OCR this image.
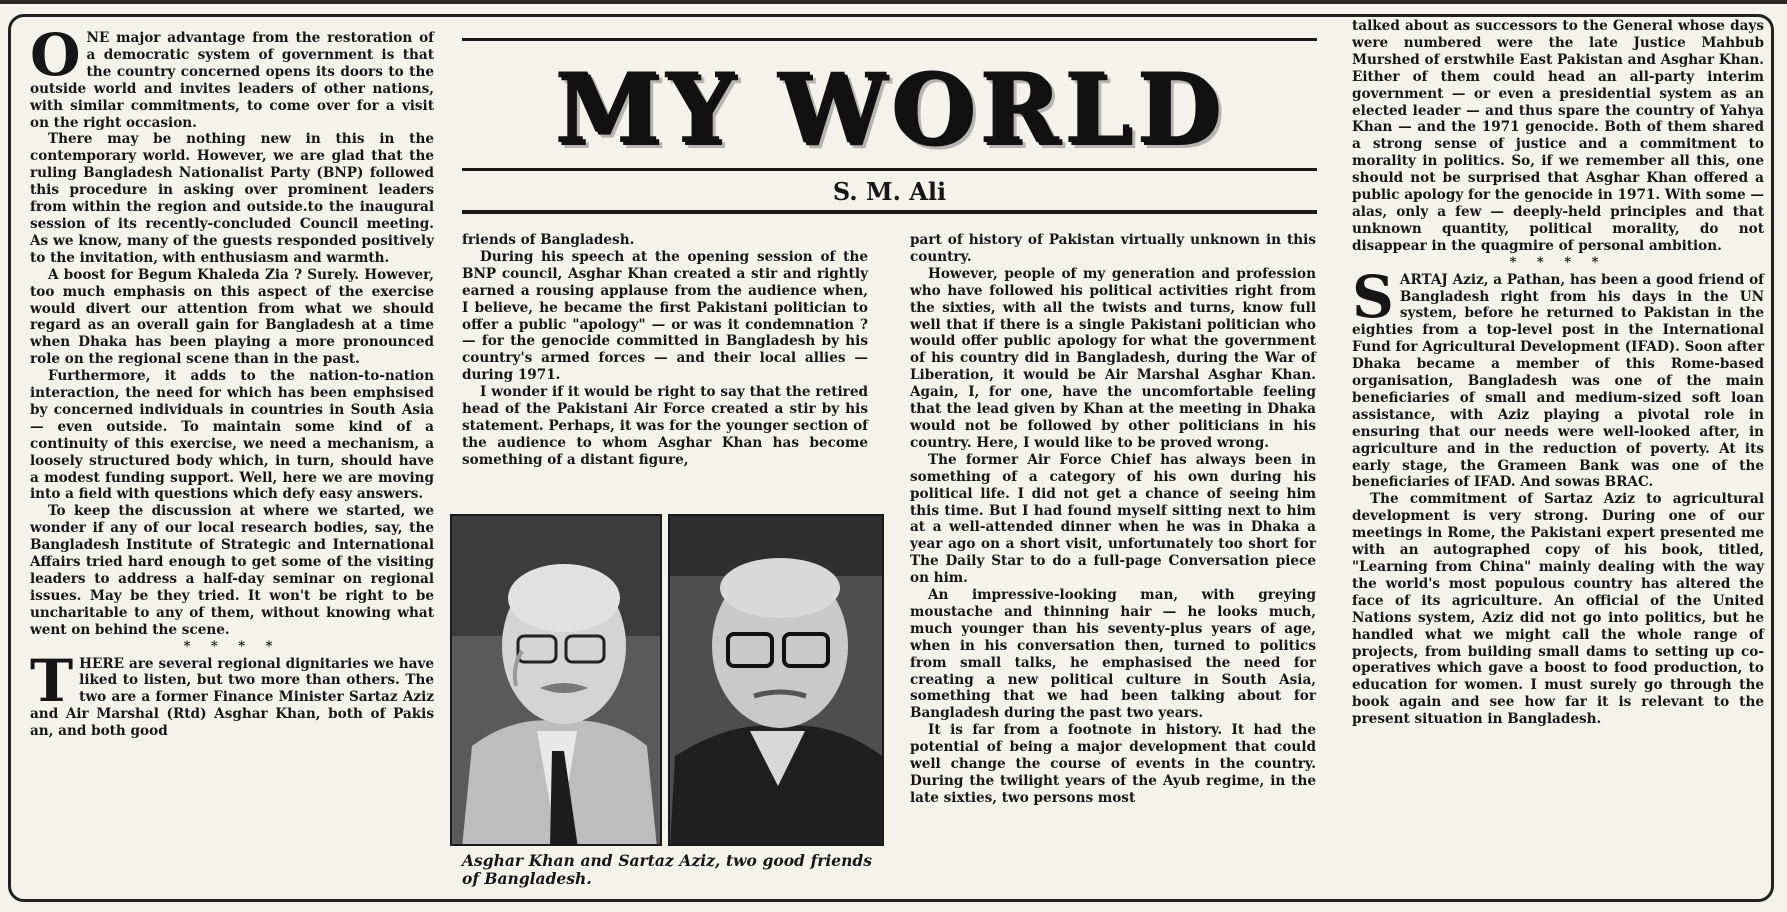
ONE major advantage from the restoration of a democratic system of government is that the country concerned opens its doors to the outside world and invites leaders of other nations, with similar commitments, to come over for a visit on the right occasion.

There may be nothing new in this in the contemporary world. However, we are glad that the ruling Bangladesh Nationalist Party (BNP) followed this procedure in asking over prominent leaders from within the region and outside.to the inaugural session of its recently-concluded Council meeting. As we know, many of the guests responded positively to the invitation, with enthusiasm and warmth.

A boost for Begum Khaleda Zia ? Surely. However, too much emphasis on this aspect of the exercise would divert our attention from what we should regard as an overall gain for Bangladesh at a time when Dhaka has been playing a more pronounced role on the regional scene than in the past.

Furthermore, it adds to the nation-to-nation interaction, the need for which has been emphsised by concerned individuals in countries in South Asia — even outside. To maintain some kind of a continuity of this exercise, we need a mechanism, a loosely structured body which, in turn, should have a modest funding support. Well, here we are moving into a field with questions which defy easy answers.

To keep the discussion at where we started, we wonder if any of our local research bodies, say, the Bangladesh Institute of Strategic and International Affairs tried hard enough to get some of the visiting leaders to address a half-day seminar on regional issues. May be they tried. It won't be right to be uncharitable to any of them, without knowing what went on behind the scene.

* * * *

THERE are several regional dignitaries we have liked to listen, but two more than others. The two are a former Finance Minister Sartaz Aziz and Air Marshal (Rtd) Asghar Khan, both of Pakis an, and both good

MY WORLD
S. M. Ali

friends of Bangladesh.

During his speech at the opening session of the BNP council, Asghar Khan created a stir and rightly earned a rousing applause from the audience when, I believe, he became the first Pakistani politician to offer a public "apology" — or was it condemnation ? — for the genocide committed in Bangladesh by his country's armed forces — and their local allies — during 1971.

I wonder if it would be right to say that the retired head of the Pakistani Air Force created a stir by his statement. Perhaps, it was for the younger section of the audience to whom Asghar Khan has become something of a distant figure,

Asghar Khan and Sartaz Aziz, two good friends of Bangladesh.

part of history of Pakistan virtually unknown in this country.

However, people of my generation and profession who have followed his political activities right from the sixties, with all the twists and turns, know full well that if there is a single Pakistani politician who would offer public apology for what the government of his country did in Bangladesh, during the War of Liberation, it would be Air Marshal Asghar Khan. Again, I, for one, have the uncomfortable feeling that the lead given by Khan at the meeting in Dhaka would not be followed by other politicians in his country. Here, I would like to be proved wrong.

The former Air Force Chief has always been in something of a category of his own during his political life. I did not get a chance of seeing him this time. But I had found myself sitting next to him at a well-attended dinner when he was in Dhaka a year ago on a short visit, unfortunately too short for The Daily Star to do a full-page Conversation piece on him.

An impressive-looking man, with greying moustache and thinning hair — he looks much, much younger than his seventy-plus years of age, when in his conversation then, turned to politics from small talks, he emphasised the need for creating a new political culture in South Asia, something that we had been talking about for Bangladesh during the past two years.

It is far from a footnote in history. It had the potential of being a major development that could well change the course of events in the country. During the twilight years of the Ayub regime, in the late sixties, two persons most

talked about as successors to the General whose days were numbered were the late Justice Mahbub Murshed of erstwhile East Pakistan and Asghar Khan. Either of them could head an all-party interim government — or even a presidential system as an elected leader — and thus spare the country of Yahya Khan — and the 1971 genocide. Both of them shared a strong sense of justice and a commitment to morality in politics. So, if we remember all this, one should not be surprised that Asghar Khan offered a public apology for the genocide in 1971. With some — alas, only a few — deeply-held principles and that unknown quantity, political morality, do not disappear in the quagmire of personal ambition.

* * * *

SARTAJ Aziz, a Pathan, has been a good friend of Bangladesh right from his days in the UN system, before he returned to Pakistan in the eighties from a top-level post in the International Fund for Agricultural Development (IFAD). Soon after Dhaka became a member of this Rome-based organisation, Bangladesh was one of the main beneficiaries of small and medium-sized soft loan assistance, with Aziz playing a pivotal role in ensuring that our needs were well-looked after, in agriculture and in the reduction of poverty. At its early stage, the Grameen Bank was one of the beneficiaries of IFAD. And sowas BRAC.

The commitment of Sartaz Aziz to agricultural development is very strong. During one of our meetings in Rome, the Pakistani expert presented me with an autographed copy of his book, titled, "Learning from China" mainly dealing with the way the world's most populous country has altered the face of its agriculture. An official of the United Nations system, Aziz did not go into politics, but he handled what we might call the whole range of projects, from building small dams to setting up co-operatives which gave a boost to food production, to education for women. I must surely go through the book again and see how far it is relevant to the present situation in Bangladesh.
